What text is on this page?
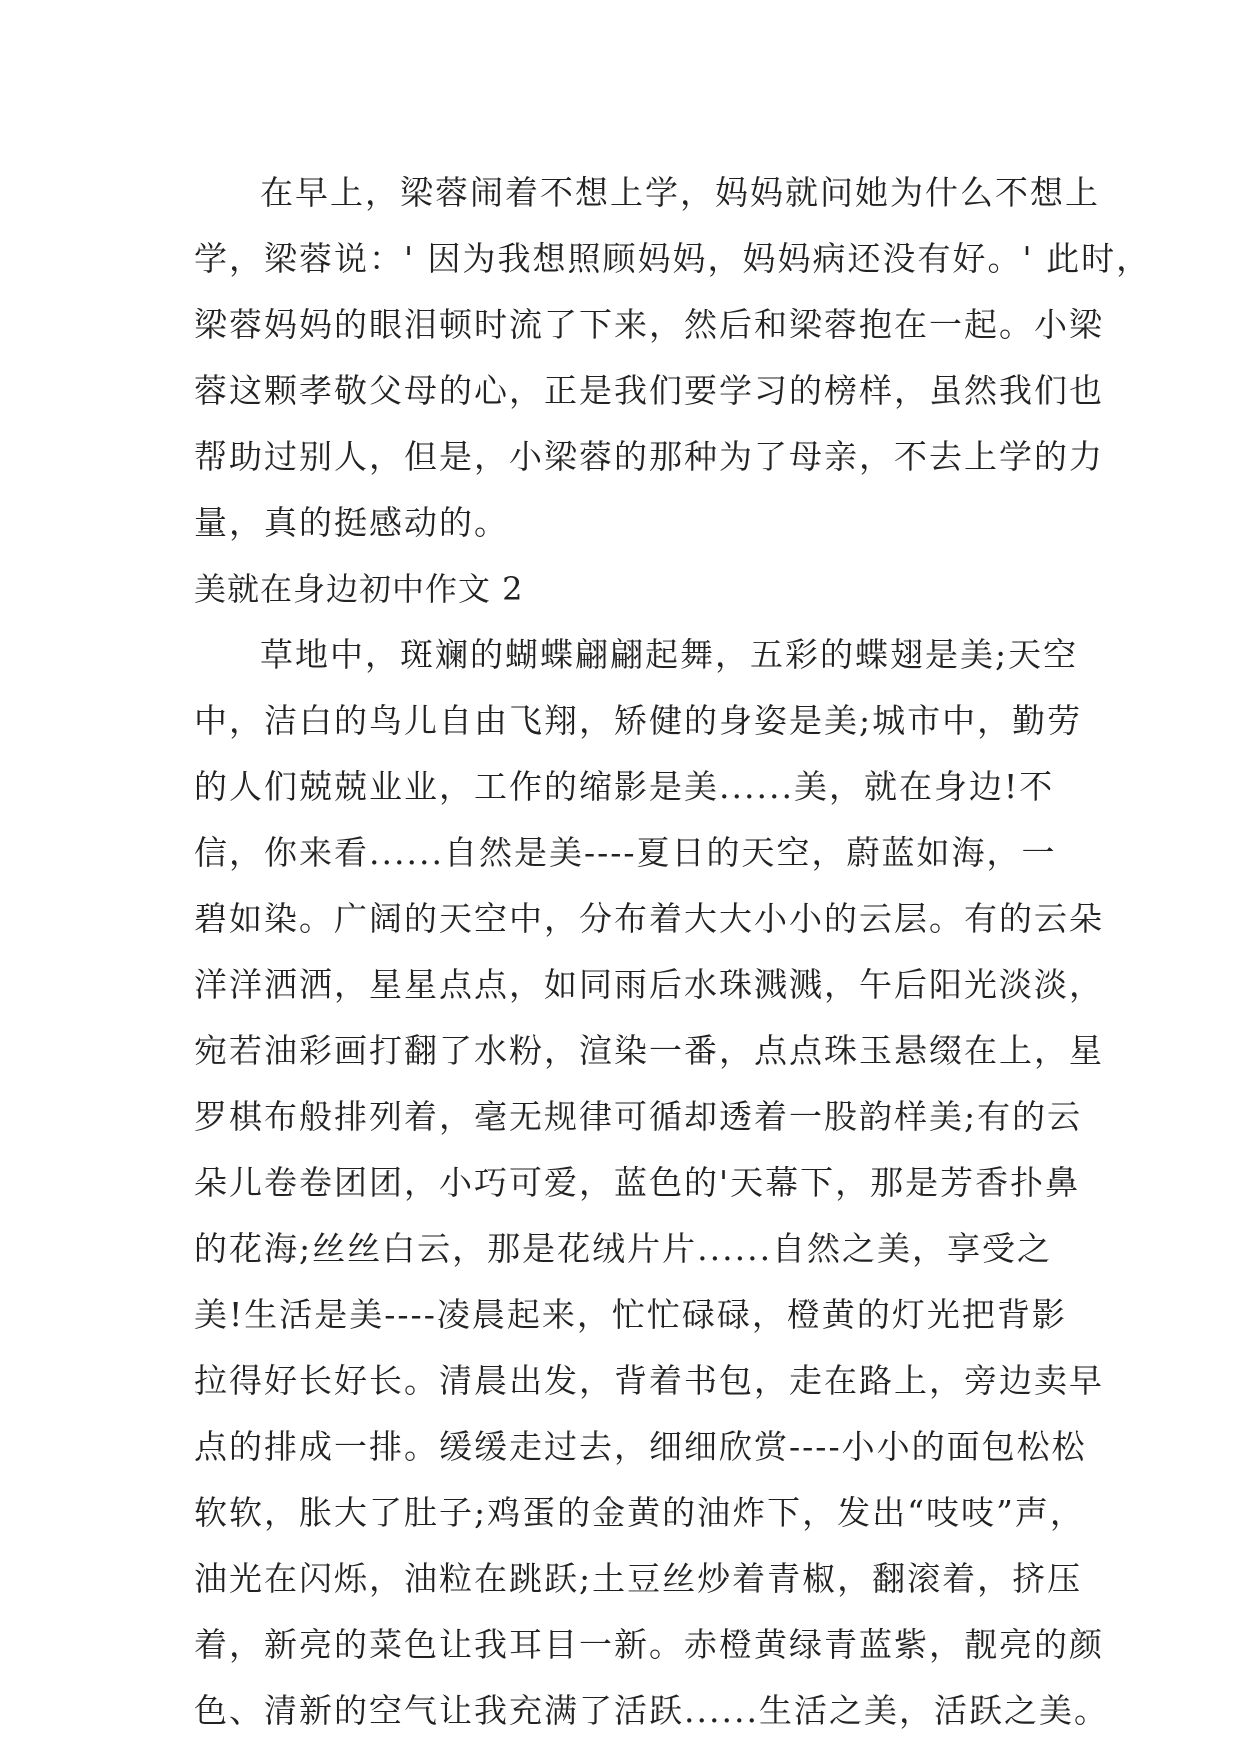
在早上，梁蓉闹着不想上学，妈妈就问她为什么不想上
学，梁蓉说：' 因为我想照顾妈妈，妈妈病还没有好。' 此时，
梁蓉妈妈的眼泪顿时流了下来，然后和梁蓉抱在一起。小梁
蓉这颗孝敬父母的心，正是我们要学习的榜样，虽然我们也
帮助过别人，但是，小梁蓉的那种为了母亲，不去上学的力
量，真的挺感动的。
美就在身边初中作文 2
草地中，斑斓的蝴蝶翩翩起舞，五彩的蝶翅是美;天空
中，洁白的鸟儿自由飞翔，矫健的身姿是美;城市中，勤劳
的人们兢兢业业，工作的缩影是美......美，就在身边!不
信，你来看......自然是美----夏日的天空，蔚蓝如海，一
碧如染。广阔的天空中，分布着大大小小的云层。有的云朵
洋洋洒洒，星星点点，如同雨后水珠溅溅，午后阳光淡淡，
宛若油彩画打翻了水粉，渲染一番，点点珠玉悬缀在上，星
罗棋布般排列着，毫无规律可循却透着一股韵样美;有的云
朵儿卷卷团团，小巧可爱，蓝色的'天幕下，那是芳香扑鼻
的花海;丝丝白云，那是花绒片片......自然之美，享受之
美!生活是美----凌晨起来，忙忙碌碌，橙黄的灯光把背影
拉得好长好长。清晨出发，背着书包，走在路上，旁边卖早
点的排成一排。缓缓走过去，细细欣赏----小小的面包松松
软软，胀大了肚子;鸡蛋的金黄的油炸下，发出“吱吱”声，
油光在闪烁，油粒在跳跃;土豆丝炒着青椒，翻滚着，挤压
着，新亮的菜色让我耳目一新。赤橙黄绿青蓝紫，靓亮的颜
色、清新的空气让我充满了活跃......生活之美，活跃之美。
